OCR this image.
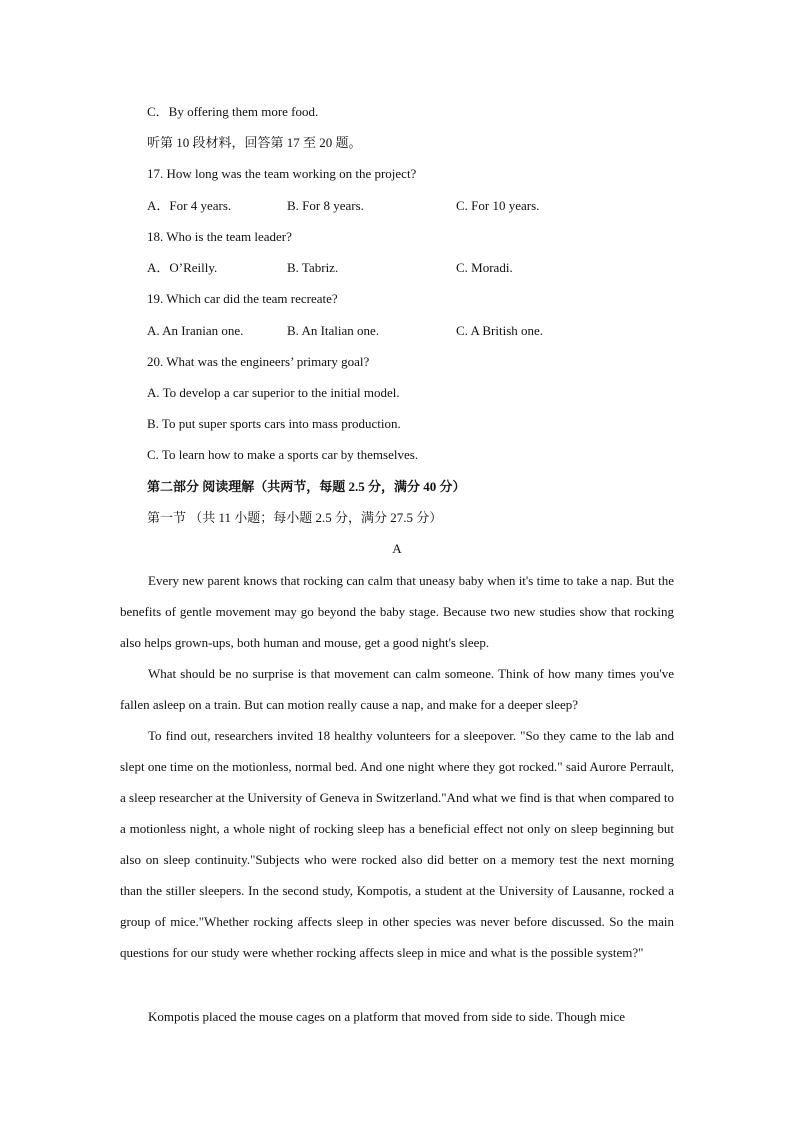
C．By offering them more food.
听第 10 段材料，回答第 17 至 20 题。
17. How long was the team working on the project?
A．For 4 years.	B. For 8 years.	C. For 10 years.
18. Who is the team leader?
A．O’Reilly.	B. Tabriz.	C. Moradi.
19. Which car did the team recreate?
A. An Iranian one.	B. An Italian one.	C. A British one.
20. What was the engineers’ primary goal?
A. To develop a car superior to the initial model.
B. To put super sports cars into mass production.
C. To learn how to make a sports car by themselves.
第二部分 阅读理解（共两节，每题 2.5 分，满分 40 分）
第一节 （共 11 小题；每小题 2.5 分，满分 27.5 分）
A
Every new parent knows that rocking can calm that uneasy baby when it's time to take a nap. But the benefits of gentle movement may go beyond the baby stage. Because two new studies show that rocking also helps grown-ups, both human and mouse, get a good night's sleep.
What should be no surprise is that movement can calm someone. Think of how many times you've fallen asleep on a train. But can motion really cause a nap, and make for a deeper sleep?
To find out, researchers invited 18 healthy volunteers for a sleepover. "So they came to the lab and slept one time on the motionless, normal bed. And one night where they got rocked." said Aurore Perrault, a sleep researcher at the University of Geneva in Switzerland."And what we find is that when compared to a motionless night, a whole night of rocking sleep has a beneficial effect not only on sleep beginning but also on sleep continuity."Subjects who were rocked also did better on a memory test the next morning than the stiller sleepers. In the second study, Kompotis, a student at the University of Lausanne, rocked a group of mice."Whether rocking affects sleep in other species was never before discussed. So the main questions for our study were whether rocking affects sleep in mice and what is the possible system?"
Kompotis placed the mouse cages on a platform that moved from side to side. Though mice
